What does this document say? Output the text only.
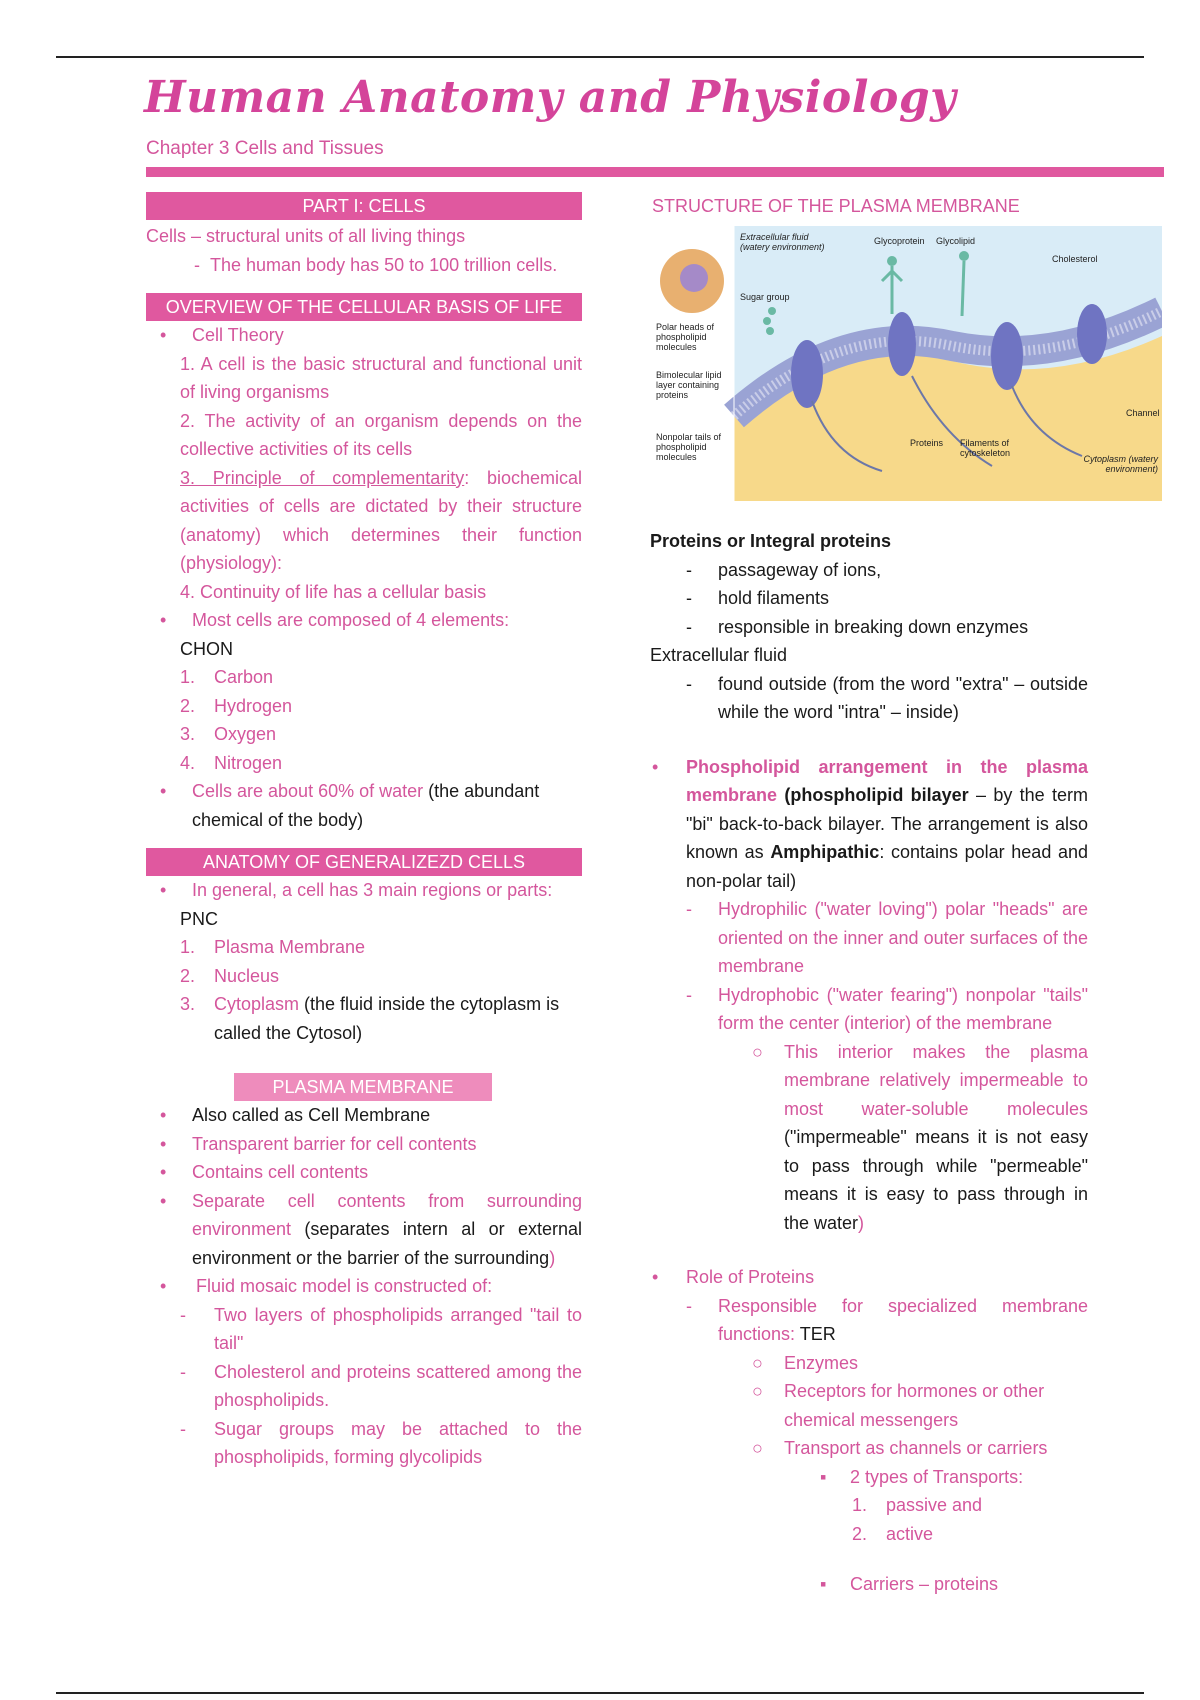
Human Anatomy and Physiology
Chapter 3 Cells and Tissues
PART I: CELLS
Cells – structural units of all living things
- The human body has 50 to 100 trillion cells.
OVERVIEW OF THE CELLULAR BASIS OF LIFE
•	Cell Theory
1. A cell is the basic structural and functional unit of living organisms
2. The activity of an organism depends on the collective activities of its cells
3. Principle of complementarity: biochemical activities of cells are dictated by their structure (anatomy) which determines their function (physiology):
4. Continuity of life has a cellular basis
•	Most cells are composed of 4 elements:
CHON
1.	Carbon
2.	Hydrogen
3.	Oxygen
4.	Nitrogen
•	Cells are about 60% of water (the abundant chemical of the body)
ANATOMY OF GENERALIZEZD CELLS
•	In general, a cell has 3 main regions or parts:
PNC
1.	Plasma Membrane
2.	Nucleus
3.	Cytoplasm (the fluid inside the cytoplasm is called the Cytosol)
PLASMA MEMBRANE
•	Also called as Cell Membrane
•	Transparent barrier for cell contents
•	Contains cell contents
•	Separate cell contents from surrounding environment (separates intern al or external environment or the barrier of the surrounding)
•	Fluid mosaic model is constructed of:
-	Two layers of phospholipids arranged "tail to tail"
-	Cholesterol and proteins scattered among the phospholipids.
-	Sugar groups may be attached to the phospholipids, forming glycolipids
STRUCTURE OF THE PLASMA MEMBRANE
Extracellular fluid (watery environment)
Glycoprotein Glycolipid
Cholesterol
Sugar group
Polar heads of phospholipid molecules
Bimolecular lipid layer containing proteins
Nonpolar tails of phospholipid molecules
Proteins Filaments of cytoskeleton
Channel
Cytoplasm (watery environment)
Proteins or Integral proteins
-	passageway of ions,
-	hold filaments
-	responsible in breaking down enzymes
Extracellular fluid
-	found outside (from the word "extra" – outside while the word "intra" – inside)
•	Phospholipid arrangement in the plasma membrane (phospholipid bilayer – by the term "bi" back-to-back bilayer. The arrangement is also known as Amphipathic: contains polar head and non-polar tail)
-	Hydrophilic ("water loving") polar "heads" are oriented on the inner and outer surfaces of the membrane
-	Hydrophobic ("water fearing") nonpolar "tails" form the center (interior) of the membrane
○	This interior makes the plasma membrane relatively impermeable to most water-soluble molecules ("impermeable" means it is not easy to pass through while "permeable" means it is easy to pass through in the water)
•	Role of Proteins
-	Responsible for specialized membrane functions: TER
○	Enzymes
○	Receptors for hormones or other chemical messengers
○	Transport as channels or carriers
▪	2 types of Transports:
1.	passive and
2.	active
▪	Carriers – proteins
